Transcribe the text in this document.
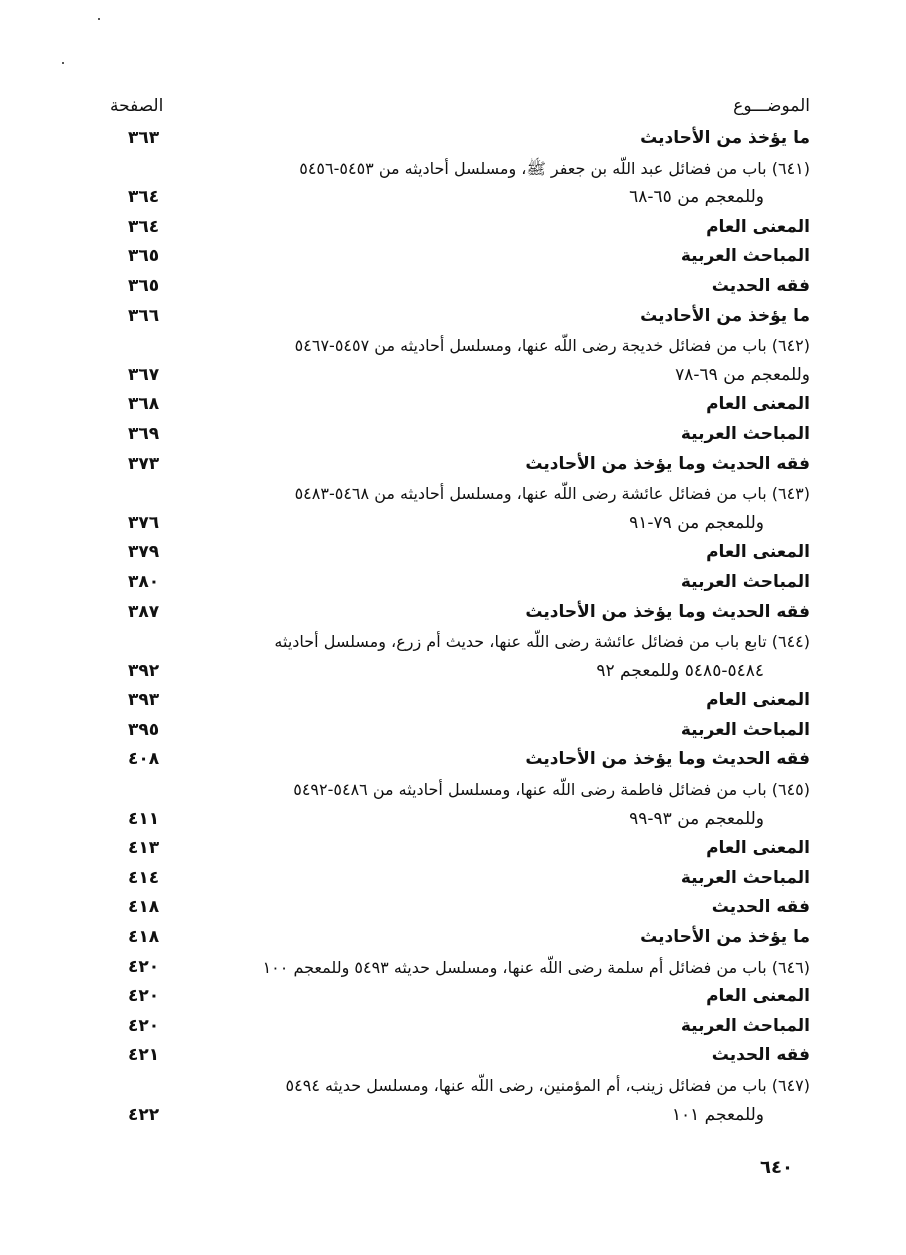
الموضـــوع
الصفحة
ما يؤخذ من الأحاديث
٣٦٣
(٦٤١) باب من فضائل عبد اللّه بن جعفر ﷺ، ومسلسل أحاديثه من ٥٤٥٣-٥٤٥٦
وللمعجم من ٦٥-٦٨
٣٦٤
المعنى العام
٣٦٤
المباحث العربية
٣٦٥
فقه الحديث
٣٦٥
ما يؤخذ من الأحاديث
٣٦٦
(٦٤٢) باب من فضائل خديجة رضى اللّه عنها، ومسلسل أحاديثه من ٥٤٥٧-٥٤٦٧
وللمعجم من ٦٩-٧٨
٣٦٧
المعنى العام
٣٦٨
المباحث العربية
٣٦٩
فقه الحديث وما يؤخذ من الأحاديث
٣٧٣
(٦٤٣) باب من فضائل عائشة رضى اللّه عنها، ومسلسل أحاديثه من ٥٤٦٨-٥٤٨٣
وللمعجم من ٧٩-٩١
٣٧٦
المعنى العام
٣٧٩
المباحث العربية
٣٨٠
فقه الحديث وما يؤخذ من الأحاديث
٣٨٧
(٦٤٤) تابع باب من فضائل عائشة رضى اللّه عنها، حديث أم زرع، ومسلسل أحاديثه
٥٤٨٤-٥٤٨٥ وللمعجم ٩٢
٣٩٢
المعنى العام
٣٩٣
المباحث العربية
٣٩٥
فقه الحديث وما يؤخذ من الأحاديث
٤٠٨
(٦٤٥) باب من فضائل فاطمة رضى اللّه عنها، ومسلسل أحاديثه من ٥٤٨٦-٥٤٩٢
وللمعجم من ٩٣-٩٩
٤١١
المعنى العام
٤١٣
المباحث العربية
٤١٤
فقه الحديث
٤١٨
ما يؤخذ من الأحاديث
٤١٨
(٦٤٦) باب من فضائل أم سلمة رضى اللّه عنها، ومسلسل حديثه ٥٤٩٣ وللمعجم ١٠٠
٤٢٠
المعنى العام
٤٢٠
المباحث العربية
٤٢٠
فقه الحديث
٤٢١
(٦٤٧) باب من فضائل زينب، أم المؤمنين، رضى اللّه عنها، ومسلسل حديثه ٥٤٩٤
وللمعجم ١٠١
٤٢٢
٦٤٠
